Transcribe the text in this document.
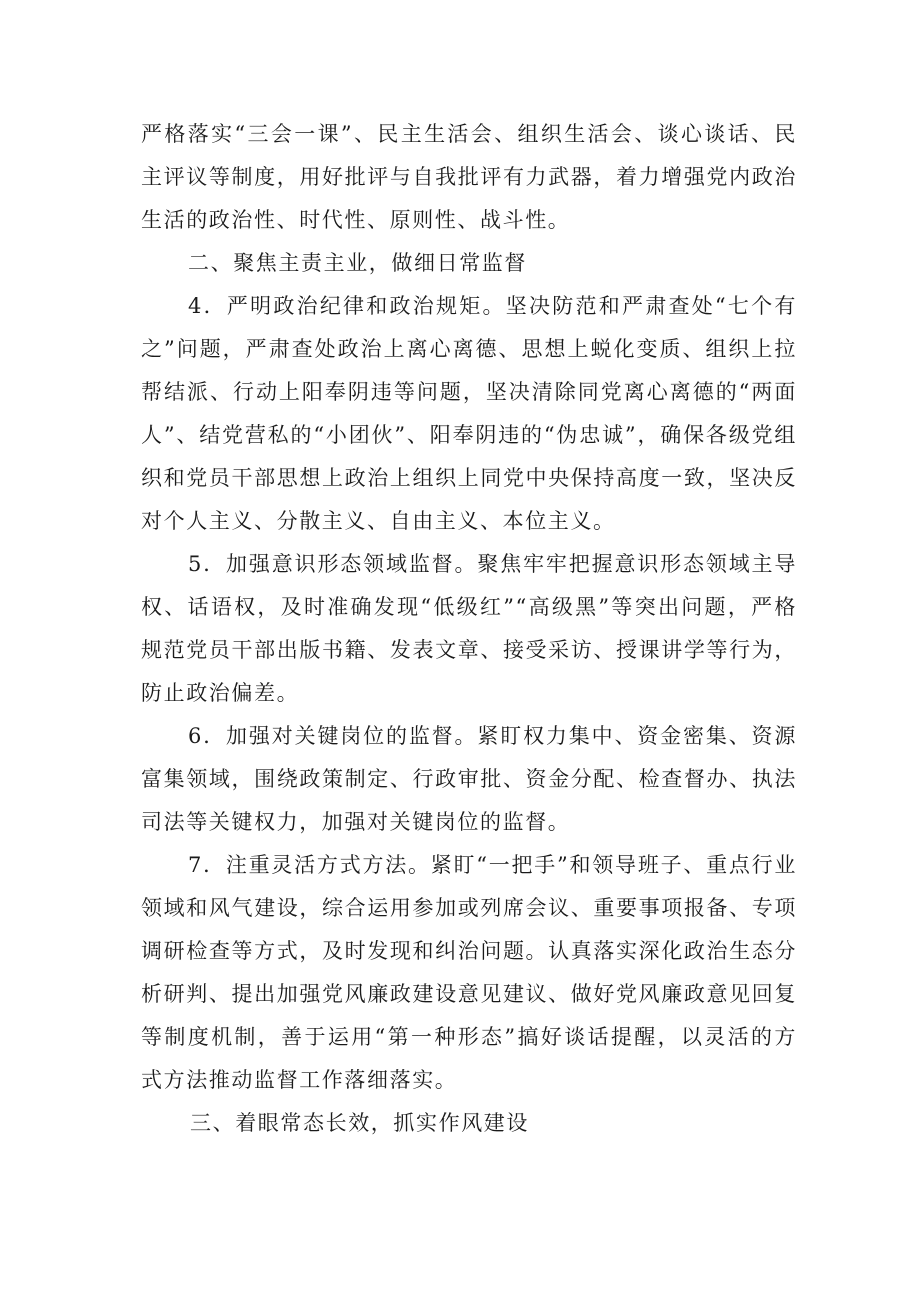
严格落实“三会一课”、民主生活会、组织生活会、谈心谈话、民主评议等制度，用好批评与自我批评有力武器，着力增强党内政治生活的政治性、时代性、原则性、战斗性。

二、聚焦主责主业，做细日常监督

4．严明政治纪律和政治规矩。坚决防范和严肃查处“七个有之”问题，严肃查处政治上离心离德、思想上蜕化变质、组织上拉帮结派、行动上阳奉阴违等问题，坚决清除同党离心离德的“两面人”、结党营私的“小团伙”、阳奉阴违的“伪忠诚”，确保各级党组织和党员干部思想上政治上组织上同党中央保持高度一致，坚决反对个人主义、分散主义、自由主义、本位主义。

5．加强意识形态领域监督。聚焦牢牢把握意识形态领域主导权、话语权，及时准确发现“低级红”“高级黑”等突出问题，严格规范党员干部出版书籍、发表文章、接受采访、授课讲学等行为，防止政治偏差。

6．加强对关键岗位的监督。紧盯权力集中、资金密集、资源富集领域，围绕政策制定、行政审批、资金分配、检查督办、执法司法等关键权力，加强对关键岗位的监督。

7．注重灵活方式方法。紧盯“一把手”和领导班子、重点行业领域和风气建设，综合运用参加或列席会议、重要事项报备、专项调研检查等方式，及时发现和纠治问题。认真落实深化政治生态分析研判、提出加强党风廉政建设意见建议、做好党风廉政意见回复等制度机制，善于运用“第一种形态”搞好谈话提醒，以灵活的方式方法推动监督工作落细落实。

三、着眼常态长效，抓实作风建设
